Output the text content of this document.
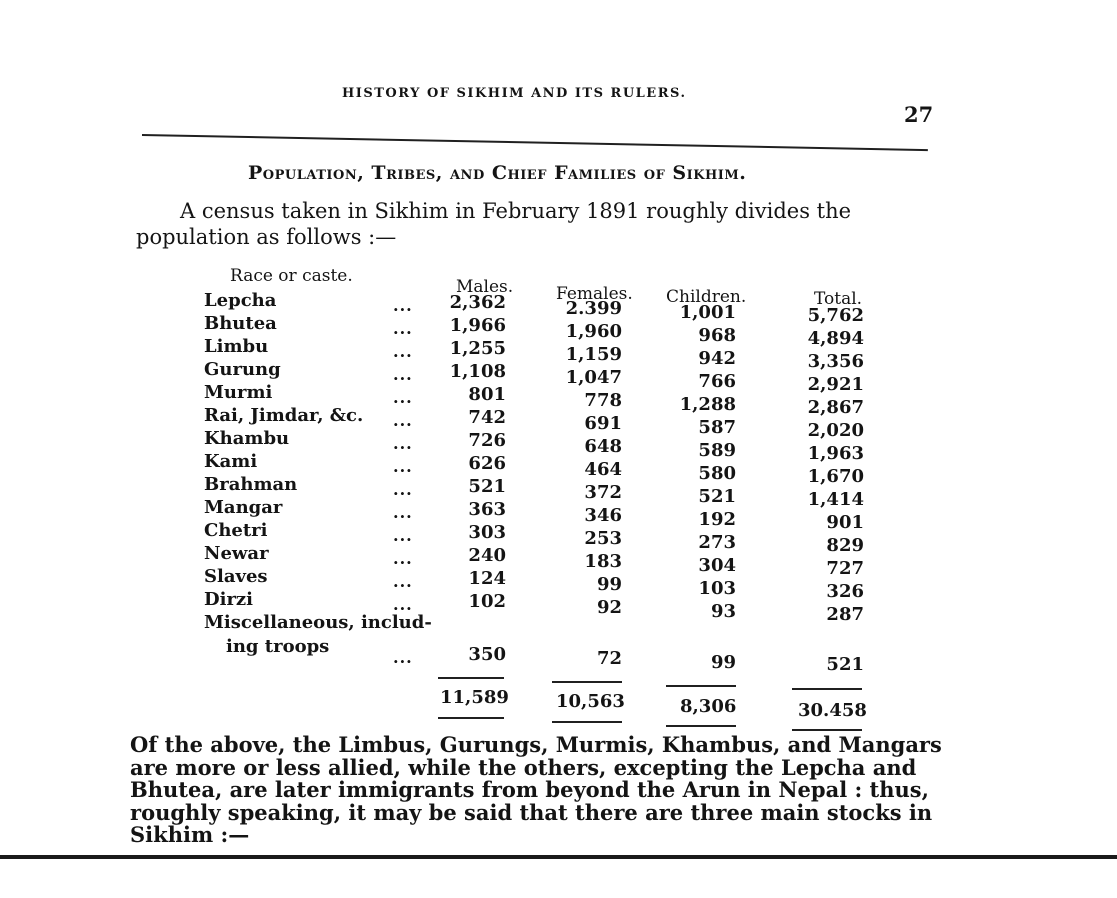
HISTORY OF SIKHIM AND ITS RULERS.
27
Population, Tribes, and Chief Families of Sikhim.
A census taken in Sikhim in February 1891 roughly divides the
population as follows :—
Race or caste.
Males.	Females. Children.	Total.
Lepcha	...	2,362	2.399	1,001	5,762
Bhutea	...	1,966	1,960	968	4,894
Limbu	...	1,255	1,159	942	3,356
Gurung	...	1,108	1,047	766	2,921
Murmi	...	801	778	1,288	2,867
Rai, Jimdar, &c. ...	742	691	587	2,020
Khambu	...	726	648	589	1,963
Kami	...	626	464	580	1,670
Brahman	...	521	372	521	1,414
Mangar	...	363	346	192	901
Chetri	...	303	253	273	829
Newar	...	240	183	304	727
Slaves	...	124	99	103	326
Dirzi	...	102	92	93	287
Miscellaneous, includ-
ing troops
...	350	72	99	521
11,589	10,563	8,306	30.458
Of the above, the Limbus, Gurungs, Murmis, Khambus, and Mangars
are more or less allied, while the others, excepting the Lepcha and
Bhutea, are later immigrants from beyond the Arun in Nepal : thus,
roughly speaking, it may be said that there are three main stocks in
Sikhim :—
